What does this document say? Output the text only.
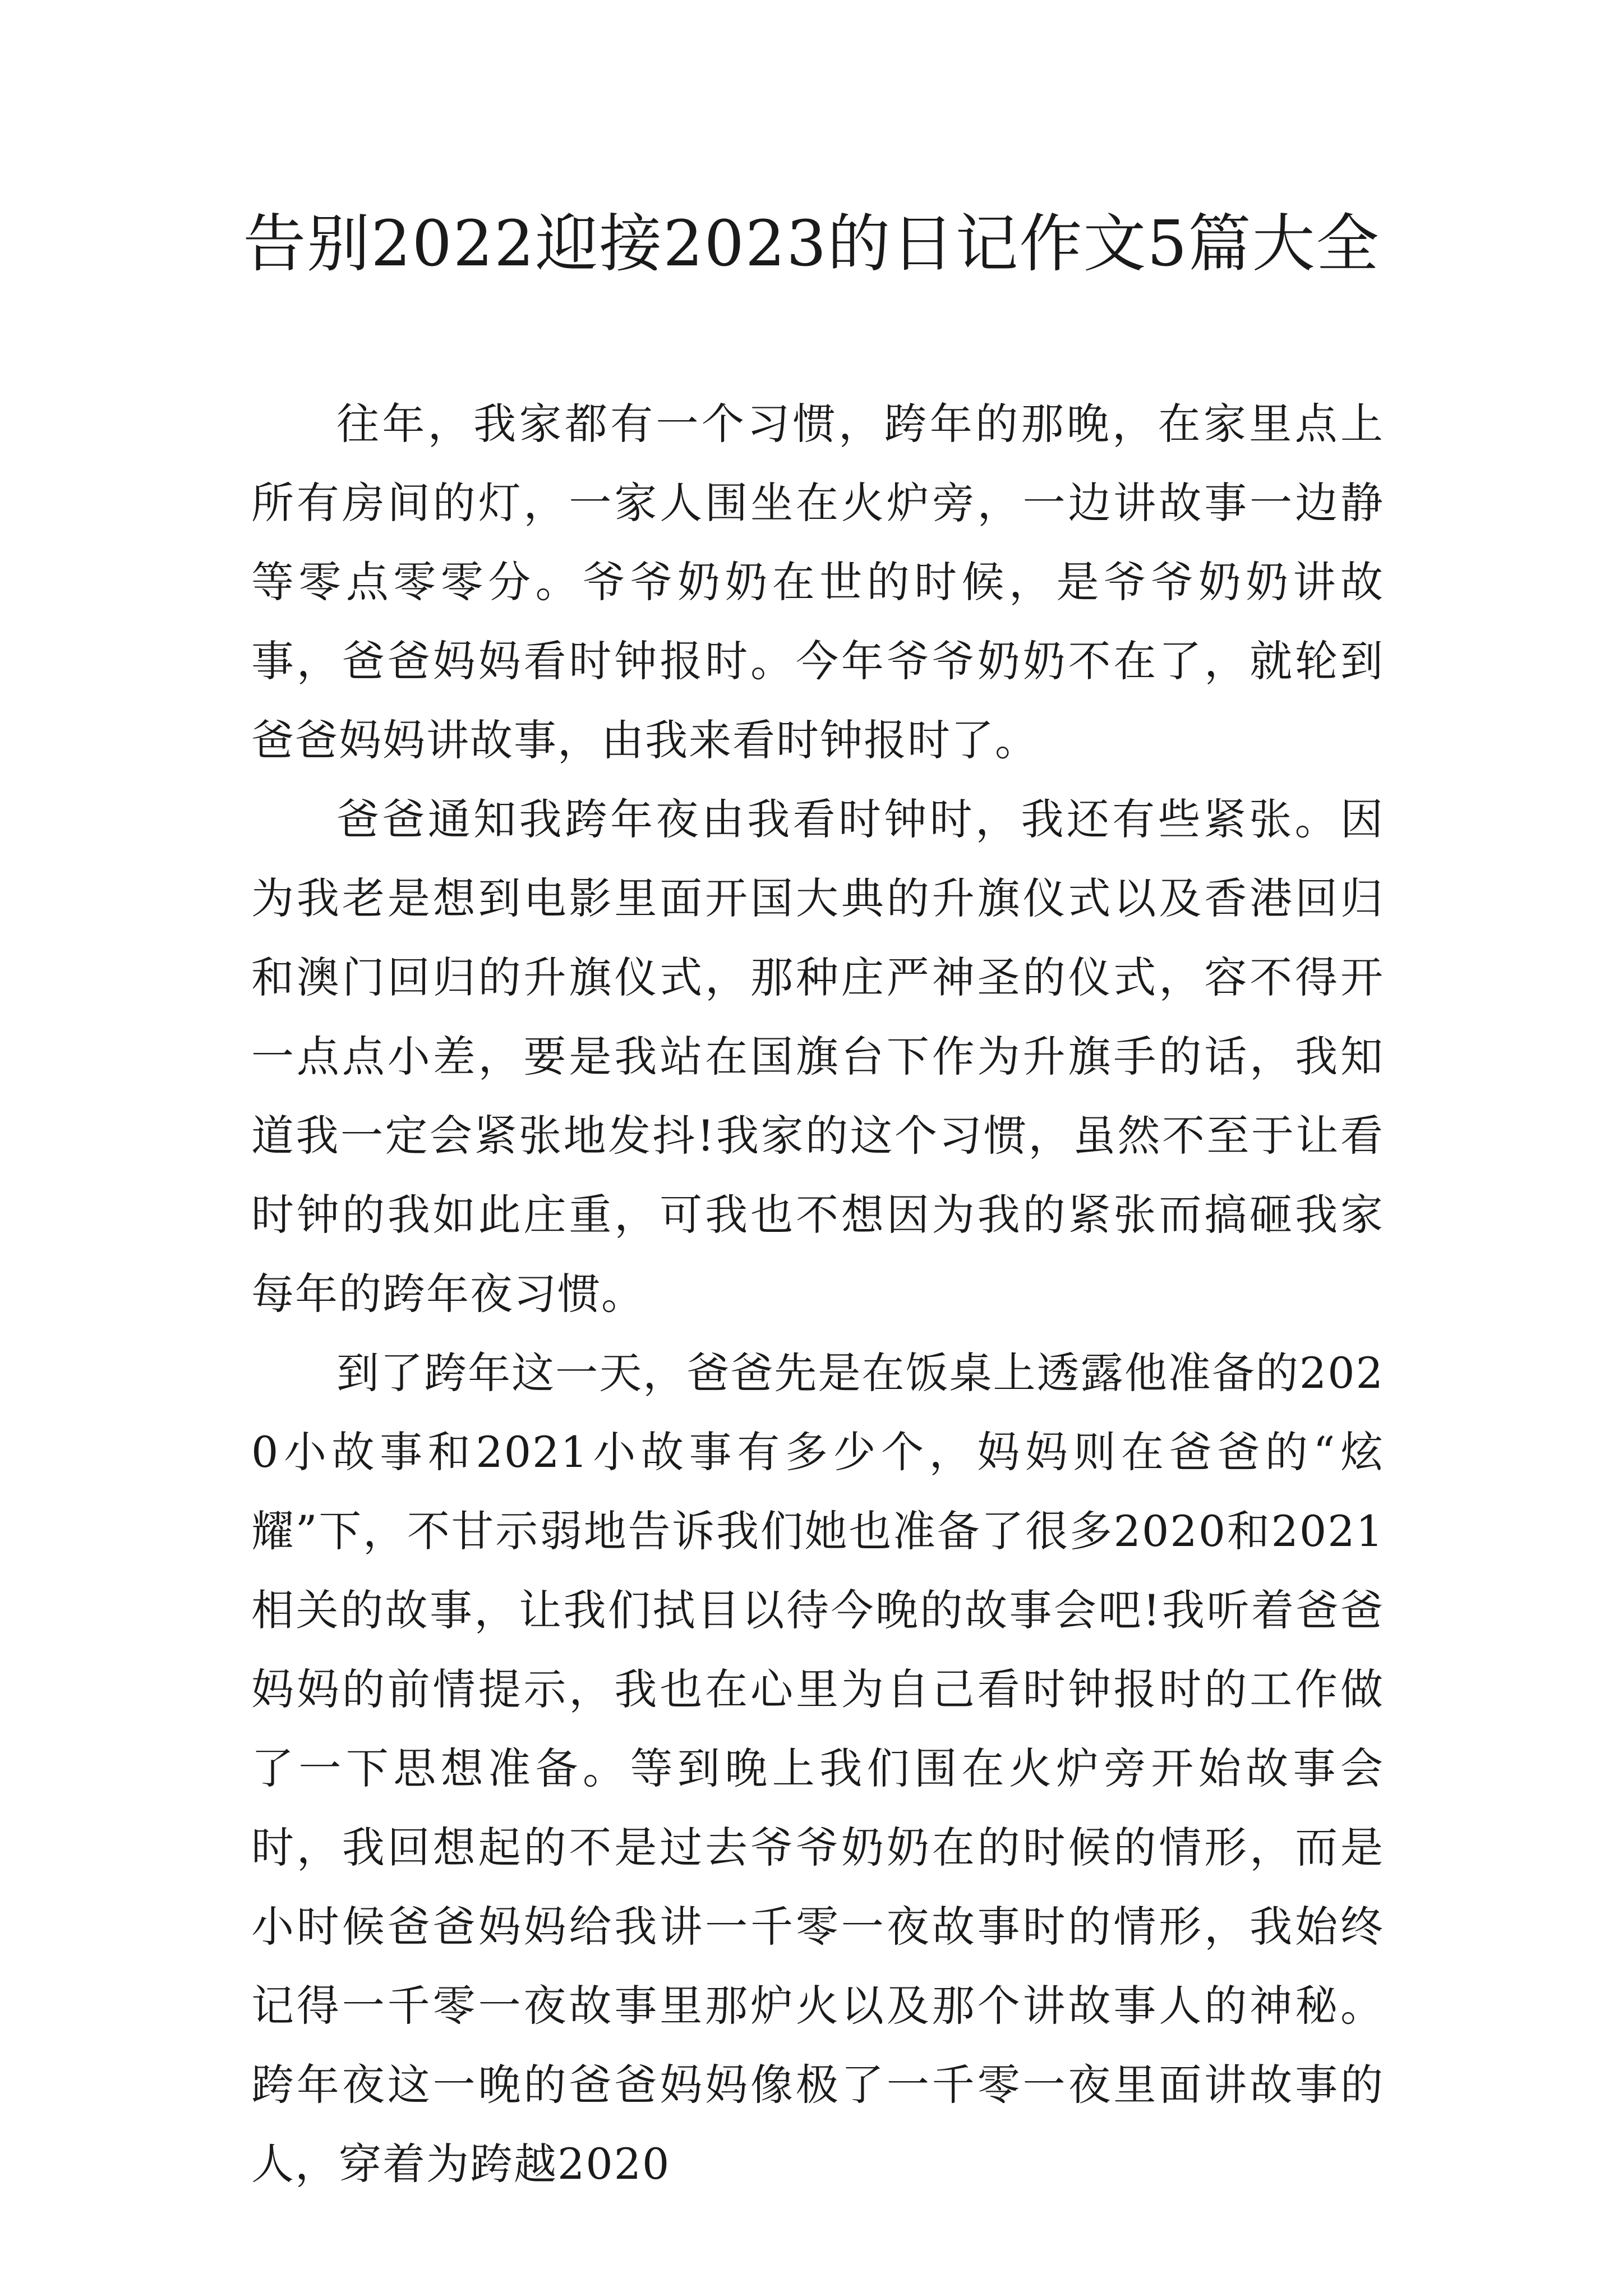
告别2022迎接2023的日记作文5篇大全

往年，我家都有一个习惯，跨年的那晚，在家里点上所有房间的灯，一家人围坐在火炉旁，一边讲故事一边静等零点零零分。爷爷奶奶在世的时候，是爷爷奶奶讲故事，爸爸妈妈看时钟报时。今年爷爷奶奶不在了，就轮到爸爸妈妈讲故事，由我来看时钟报时了。

爸爸通知我跨年夜由我看时钟时，我还有些紧张。因为我老是想到电影里面开国大典的升旗仪式以及香港回归和澳门回归的升旗仪式，那种庄严神圣的仪式，容不得开一点点小差，要是我站在国旗台下作为升旗手的话，我知道我一定会紧张地发抖!我家的这个习惯，虽然不至于让看时钟的我如此庄重，可我也不想因为我的紧张而搞砸我家每年的跨年夜习惯。

到了跨年这一天，爸爸先是在饭桌上透露他准备的2020小故事和2021小故事有多少个，妈妈则在爸爸的“炫耀”下，不甘示弱地告诉我们她也准备了很多2020和2021相关的故事，让我们拭目以待今晚的故事会吧!我听着爸爸妈妈的前情提示，我也在心里为自己看时钟报时的工作做了一下思想准备。等到晚上我们围在火炉旁开始故事会时，我回想起的不是过去爷爷奶奶在的时候的情形，而是小时候爸爸妈妈给我讲一千零一夜故事时的情形，我始终记得一千零一夜故事里那炉火以及那个讲故事人的神秘。跨年夜这一晚的爸爸妈妈像极了一千零一夜里面讲故事的人，穿着为跨越2020
